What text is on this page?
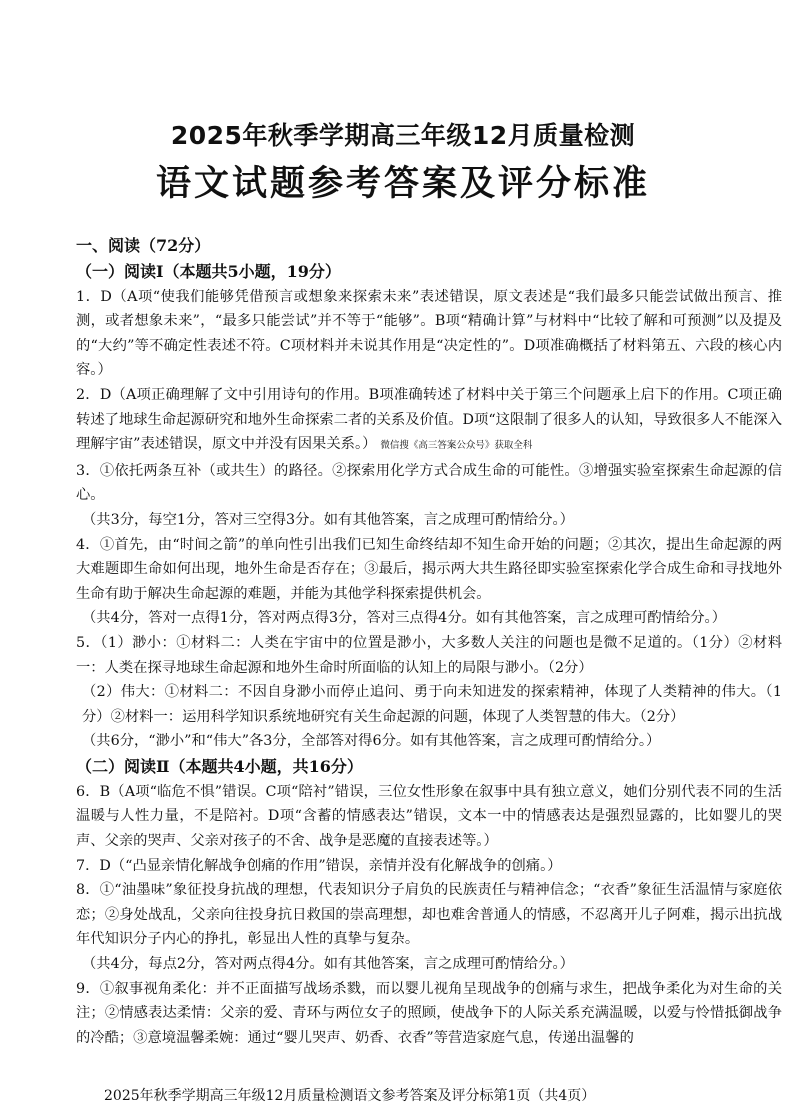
2025年秋季学期高三年级12月质量检测
语文试题参考答案及评分标准
一、阅读（72分）
（一）阅读Ⅰ（本题共5小题，19分）

1．D（A项“使我们能够凭借预言或想象来探索未来”表述错误，原文表述是“我们最多只能尝试做出预言、推测，或者想象未来”，“最多只能尝试”并不等于“能够”。B项“精确计算”与材料中“比较了解和可预测”以及提及的“大约”等不确定性表述不符。C项材料并未说其作用是“决定性的”。D项准确概括了材料第五、六段的核心内容。）

2．D（A项正确理解了文中引用诗句的作用。B项准确转述了材料中关于第三个问题承上启下的作用。C项正确转述了地球生命起源研究和地外生命探索二者的关系及价值。D项“这限制了很多人的认知，导致很多人不能深入理解宇宙”表述错误，原文中并没有因果关系。） 微信搜《高三答案公众号》获取全科

3．①依托两条互补（或共生）的路径。②探索用化学方式合成生命的可能性。③增强实验室探索生命起源的信心。

（共3分，每空1分，答对三空得3分。如有其他答案，言之成理可酌情给分。）

4．①首先，由“时间之箭”的单向性引出我们已知生命终结却不知生命开始的问题；②其次，提出生命起源的两大难题即生命如何出现，地外生命是否存在；③最后，揭示两大共生路径即实验室探索化学合成生命和寻找地外生命有助于解决生命起源的难题，并能为其他学科探索提供机会。

（共4分，答对一点得1分，答对两点得3分，答对三点得4分。如有其他答案，言之成理可酌情给分。）

5．（1）渺小：①材料二：人类在宇宙中的位置是渺小，大多数人关注的问题也是微不足道的。（1分）②材料一：人类在探寻地球生命起源和地外生命时所面临的认知上的局限与渺小。（2分）

（2）伟大：①材料二：不因自身渺小而停止追问、勇于向未知进发的探索精神，体现了人类精神的伟大。（1分）②材料一：运用科学知识系统地研究有关生命起源的问题，体现了人类智慧的伟大。（2分）

（共6分，“渺小”和“伟大”各3分，全部答对得6分。如有其他答案，言之成理可酌情给分。）

（二）阅读Ⅱ（本题共4小题，共16分）

6．B（A项“临危不惧”错误。C项“陪衬”错误，三位女性形象在叙事中具有独立意义，她们分别代表不同的生活温暖与人性力量，不是陪衬。D项“含蓄的情感表达”错误，文本一中的情感表达是强烈显露的，比如婴儿的哭声、父亲的哭声、父亲对孩子的不舍、战争是恶魔的直接表述等。）

7．D（“凸显亲情化解战争创痛的作用”错误，亲情并没有化解战争的创痛。）

8．①“油墨味”象征投身抗战的理想，代表知识分子肩负的民族责任与精神信念；“衣香”象征生活温情与家庭依恋；②身处战乱，父亲向往投身抗日救国的崇高理想，却也难舍普通人的情感，不忍离开儿子阿难，揭示出抗战年代知识分子内心的挣扎，彰显出人性的真挚与复杂。

（共4分，每点2分，答对两点得4分。如有其他答案，言之成理可酌情给分。）

9．①叙事视角柔化：并不正面描写战场杀戮，而以婴儿视角呈现战争的创痛与求生，把战争柔化为对生命的关注；②情感表达柔情：父亲的爱、青环与两位女子的照顾，使战争下的人际关系充满温暖，以爱与怜惜抵御战争的冷酷；③意境温馨柔婉：通过“婴儿哭声、奶香、衣香”等营造家庭气息，传递出温馨的

2025年秋季学期高三年级12月质量检测语文参考答案及评分标第1页（共4页）
